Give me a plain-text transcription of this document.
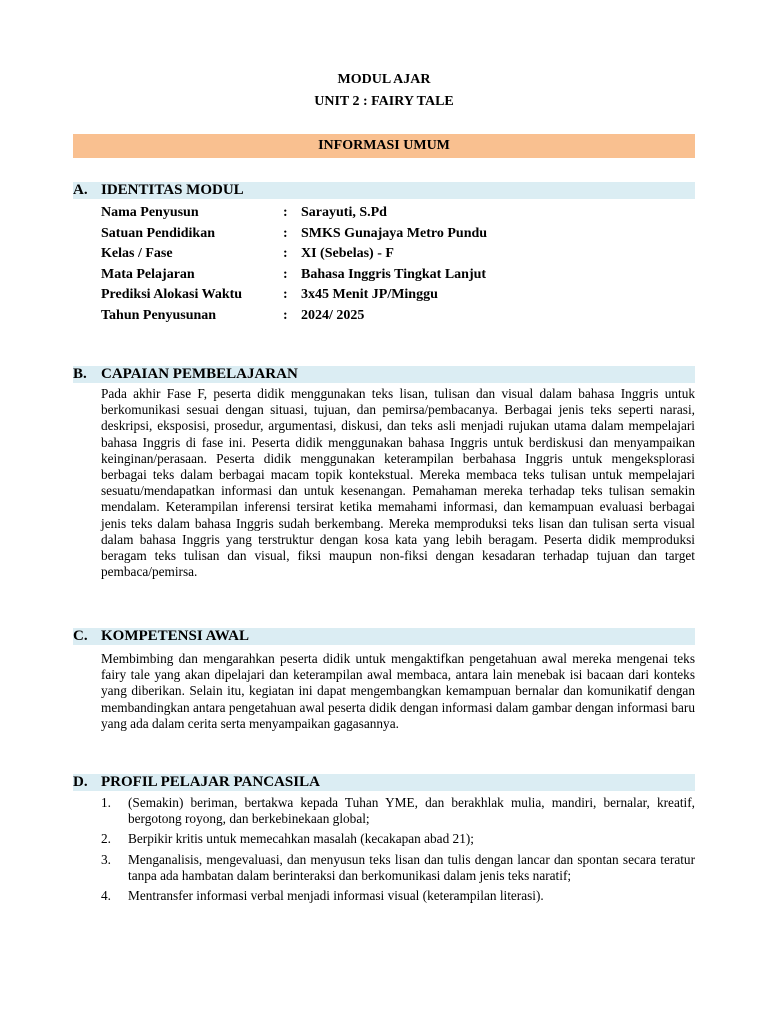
MODUL AJAR
UNIT 2 : FAIRY TALE
INFORMASI UMUM
A. IDENTITAS MODUL
Nama Penyusun	: Sarayuti, S.Pd
Satuan Pendidikan	: SMKS Gunajaya Metro Pundu
Kelas / Fase	: XI (Sebelas) - F
Mata Pelajaran	: Bahasa Inggris Tingkat Lanjut
Prediksi Alokasi Waktu	: 3x45 Menit JP/Minggu
Tahun Penyusunan	: 2024/ 2025
B. CAPAIAN PEMBELAJARAN
Pada akhir Fase F, peserta didik menggunakan teks lisan, tulisan dan visual dalam bahasa Inggris untuk berkomunikasi sesuai dengan situasi, tujuan, dan pemirsa/pembacanya. Berbagai jenis teks seperti narasi, deskripsi, eksposisi, prosedur, argumentasi, diskusi, dan teks asli menjadi rujukan utama dalam mempelajari bahasa Inggris di fase ini. Peserta didik menggunakan bahasa Inggris untuk berdiskusi dan menyampaikan keinginan/perasaan. Peserta didik menggunakan keterampilan berbahasa Inggris untuk mengeksplorasi berbagai teks dalam berbagai macam topik kontekstual. Mereka membaca teks tulisan untuk mempelajari sesuatu/mendapatkan informasi dan untuk kesenangan. Pemahaman mereka terhadap teks tulisan semakin mendalam. Keterampilan inferensi tersirat ketika memahami informasi, dan kemampuan evaluasi berbagai jenis teks dalam bahasa Inggris sudah berkembang. Mereka memproduksi teks lisan dan tulisan serta visual dalam bahasa Inggris yang terstruktur dengan kosa kata yang lebih beragam. Peserta didik memproduksi beragam teks tulisan dan visual, fiksi maupun non-fiksi dengan kesadaran terhadap tujuan dan target pembaca/pemirsa.
C. KOMPETENSI AWAL
Membimbing dan mengarahkan peserta didik untuk mengaktifkan pengetahuan awal mereka mengenai teks fairy tale yang akan dipelajari dan keterampilan awal membaca, antara lain menebak isi bacaan dari konteks yang diberikan. Selain itu, kegiatan ini dapat mengembangkan kemampuan bernalar dan komunikatif dengan membandingkan antara pengetahuan awal peserta didik dengan informasi dalam gambar dengan informasi baru yang ada dalam cerita serta menyampaikan gagasannya.
D. PROFIL PELAJAR PANCASILA
1. (Semakin) beriman, bertakwa kepada Tuhan YME, dan berakhlak mulia, mandiri, bernalar, kreatif, bergotong royong, dan berkebinekaan global;
2. Berpikir kritis untuk memecahkan masalah (kecakapan abad 21);
3. Menganalisis, mengevaluasi, dan menyusun teks lisan dan tulis dengan lancar dan spontan secara teratur tanpa ada hambatan dalam berinteraksi dan berkomunikasi dalam jenis teks naratif;
4. Mentransfer informasi verbal menjadi informasi visual (keterampilan literasi).
